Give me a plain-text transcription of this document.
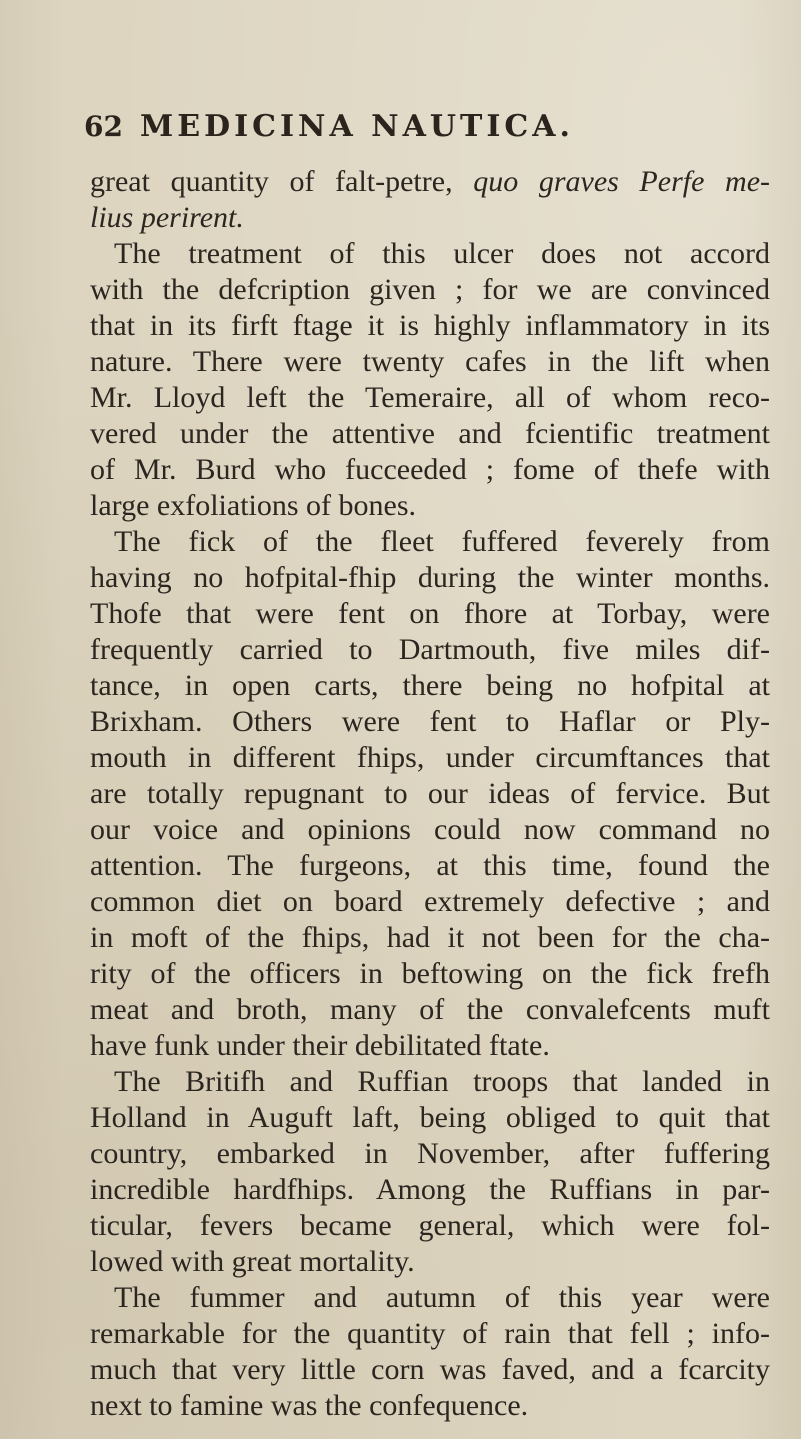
62 MEDICINA NAUTICA.
great quantity of falt-petre, quo graves Perfe me-
lius perirent.
The treatment of this ulcer does not accord
with the defcription given ; for we are convinced
that in its firft ftage it is highly inflammatory in its
nature. There were twenty cafes in the lift when
Mr. Lloyd left the Temeraire, all of whom reco-
vered under the attentive and fcientific treatment
of Mr. Burd who fucceeded ; fome of thefe with
large exfoliations of bones.
The fick of the fleet fuffered feverely from
having no hofpital-fhip during the winter months.
Thofe that were fent on fhore at Torbay, were
frequently carried to Dartmouth, five miles dif-
tance, in open carts, there being no hofpital at
Brixham. Others were fent to Haflar or Ply-
mouth in different fhips, under circumftances that
are totally repugnant to our ideas of fervice. But
our voice and opinions could now command no
attention. The furgeons, at this time, found the
common diet on board extremely defective ; and
in moft of the fhips, had it not been for the cha-
rity of the officers in beftowing on the fick frefh
meat and broth, many of the convalefcents muft
have funk under their debilitated ftate.
The Britifh and Ruffian troops that landed in
Holland in Auguft laft, being obliged to quit that
country, embarked in November, after fuffering
incredible hardfhips. Among the Ruffians in par-
ticular, fevers became general, which were fol-
lowed with great mortality.
The fummer and autumn of this year were
remarkable for the quantity of rain that fell ; info-
much that very little corn was faved, and a fcarcity
next to famine was the confequence.
